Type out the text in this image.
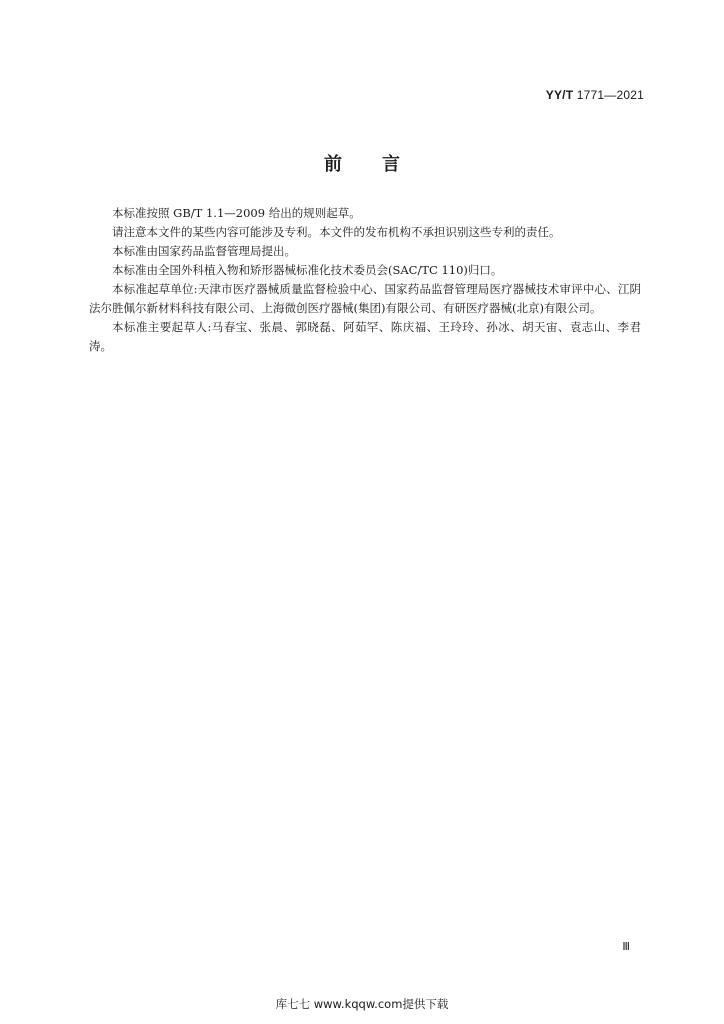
YY/T 1771—2021
前言

本标准按照 GB/T 1.1—2009 给出的规则起草。

请注意本文件的某些内容可能涉及专利。本文件的发布机构不承担识别这些专利的责任。

本标准由国家药品监督管理局提出。

本标准由全国外科植入物和矫形器械标准化技术委员会(SAC/TC 110)归口。

本标准起草单位:天津市医疗器械质量监督检验中心、国家药品监督管理局医疗器械技术审评中心、江阴法尔胜佩尔新材料科技有限公司、上海微创医疗器械(集团)有限公司、有研医疗器械(北京)有限公司。

本标准主要起草人:马春宝、张晨、郭晓磊、阿茹罕、陈庆福、王玲玲、孙冰、胡天宙、袁志山、李君涛。

Ⅲ
库七七 www.kqqw.com提供下载
